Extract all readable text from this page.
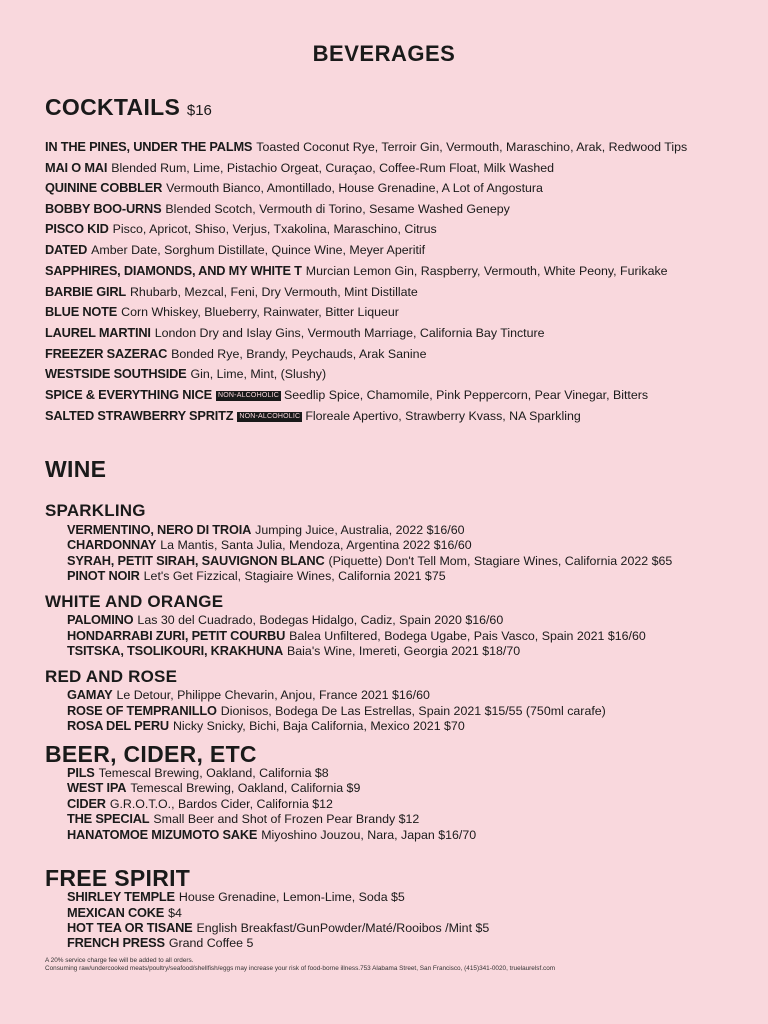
BEVERAGES
COCKTAILS $16
IN THE PINES, UNDER THE PALMS Toasted Coconut Rye, Terroir Gin, Vermouth, Maraschino, Arak, Redwood Tips
MAI O MAI Blended Rum, Lime, Pistachio Orgeat, Curaçao, Coffee-Rum Float, Milk Washed
QUININE COBBLER Vermouth Bianco, Amontillado, House Grenadine, A Lot of Angostura
BOBBY BOO-URNS Blended Scotch, Vermouth di Torino, Sesame Washed Genepy
PISCO KID Pisco, Apricot, Shiso, Verjus, Txakolina, Maraschino, Citrus
DATED Amber Date, Sorghum Distillate, Quince Wine, Meyer Aperitif
SAPPHIRES, DIAMONDS, AND MY WHITE T Murcian Lemon Gin, Raspberry, Vermouth, White Peony, Furikake
BARBIE GIRL Rhubarb, Mezcal, Feni, Dry Vermouth, Mint Distillate
BLUE NOTE Corn Whiskey, Blueberry, Rainwater, Bitter Liqueur
LAUREL MARTINI London Dry and Islay Gins, Vermouth Marriage, California Bay Tincture
FREEZER SAZERAC Bonded Rye, Brandy, Peychauds, Arak Sanine
WESTSIDE SOUTHSIDE Gin, Lime, Mint, (Slushy)
SPICE & EVERYTHING NICE NON-ALCOHOLIC Seedlip Spice, Chamomile, Pink Peppercorn, Pear Vinegar, Bitters
SALTED STRAWBERRY SPRITZ NON-ALCOHOLIC Floreale Apertivo, Strawberry Kvass, NA Sparkling
WINE
SPARKLING
VERMENTINO, NERO DI TROIA Jumping Juice, Australia, 2022 $16/60
CHARDONNAY La Mantis, Santa Julia, Mendoza, Argentina 2022 $16/60
SYRAH, PETIT SIRAH, SAUVIGNON BLANC (Piquette) Don't Tell Mom, Stagiare Wines, California 2022 $65
PINOT NOIR Let's Get Fizzical, Stagiaire Wines, California 2021 $75
WHITE AND ORANGE
PALOMINO Las 30 del Cuadrado, Bodegas Hidalgo, Cadiz, Spain 2020 $16/60
HONDARRABI ZURI, PETIT COURBU Balea Unfiltered, Bodega Ugabe, Pais Vasco, Spain 2021 $16/60
TSITSKA, TSOLIKOURI, KRAKHUNA Baia's Wine, Imereti, Georgia 2021 $18/70
RED AND ROSE
GAMAY Le Detour, Philippe Chevarin, Anjou, France 2021 $16/60
ROSE OF TEMPRANILLO Dionisos, Bodega De Las Estrellas, Spain 2021 $15/55 (750ml carafe)
ROSA DEL PERU Nicky Snicky, Bichi, Baja California, Mexico 2021 $70
BEER, CIDER, ETC
PILS Temescal Brewing, Oakland, California $8
WEST IPA Temescal Brewing, Oakland, California $9
CIDER G.R.O.T.O., Bardos Cider, California $12
THE SPECIAL Small Beer and Shot of Frozen Pear Brandy $12
HANATOMOE MIZUMOTO SAKE Miyoshino Jouzou, Nara, Japan $16/70
FREE SPIRIT
SHIRLEY TEMPLE House Grenadine, Lemon-Lime, Soda $5
MEXICAN COKE $4
HOT TEA OR TISANE English Breakfast/GunPowder/Maté/Rooibos /Mint $5
FRENCH PRESS Grand Coffee 5
A 20% service charge fee will be added to all orders.
Consuming raw/undercooked meats/poultry/seafood/shellfish/eggs may increase your risk of food-borne illness.753 Alabama Street, San Francisco, (415)341-0020, truelaurelsf.com
